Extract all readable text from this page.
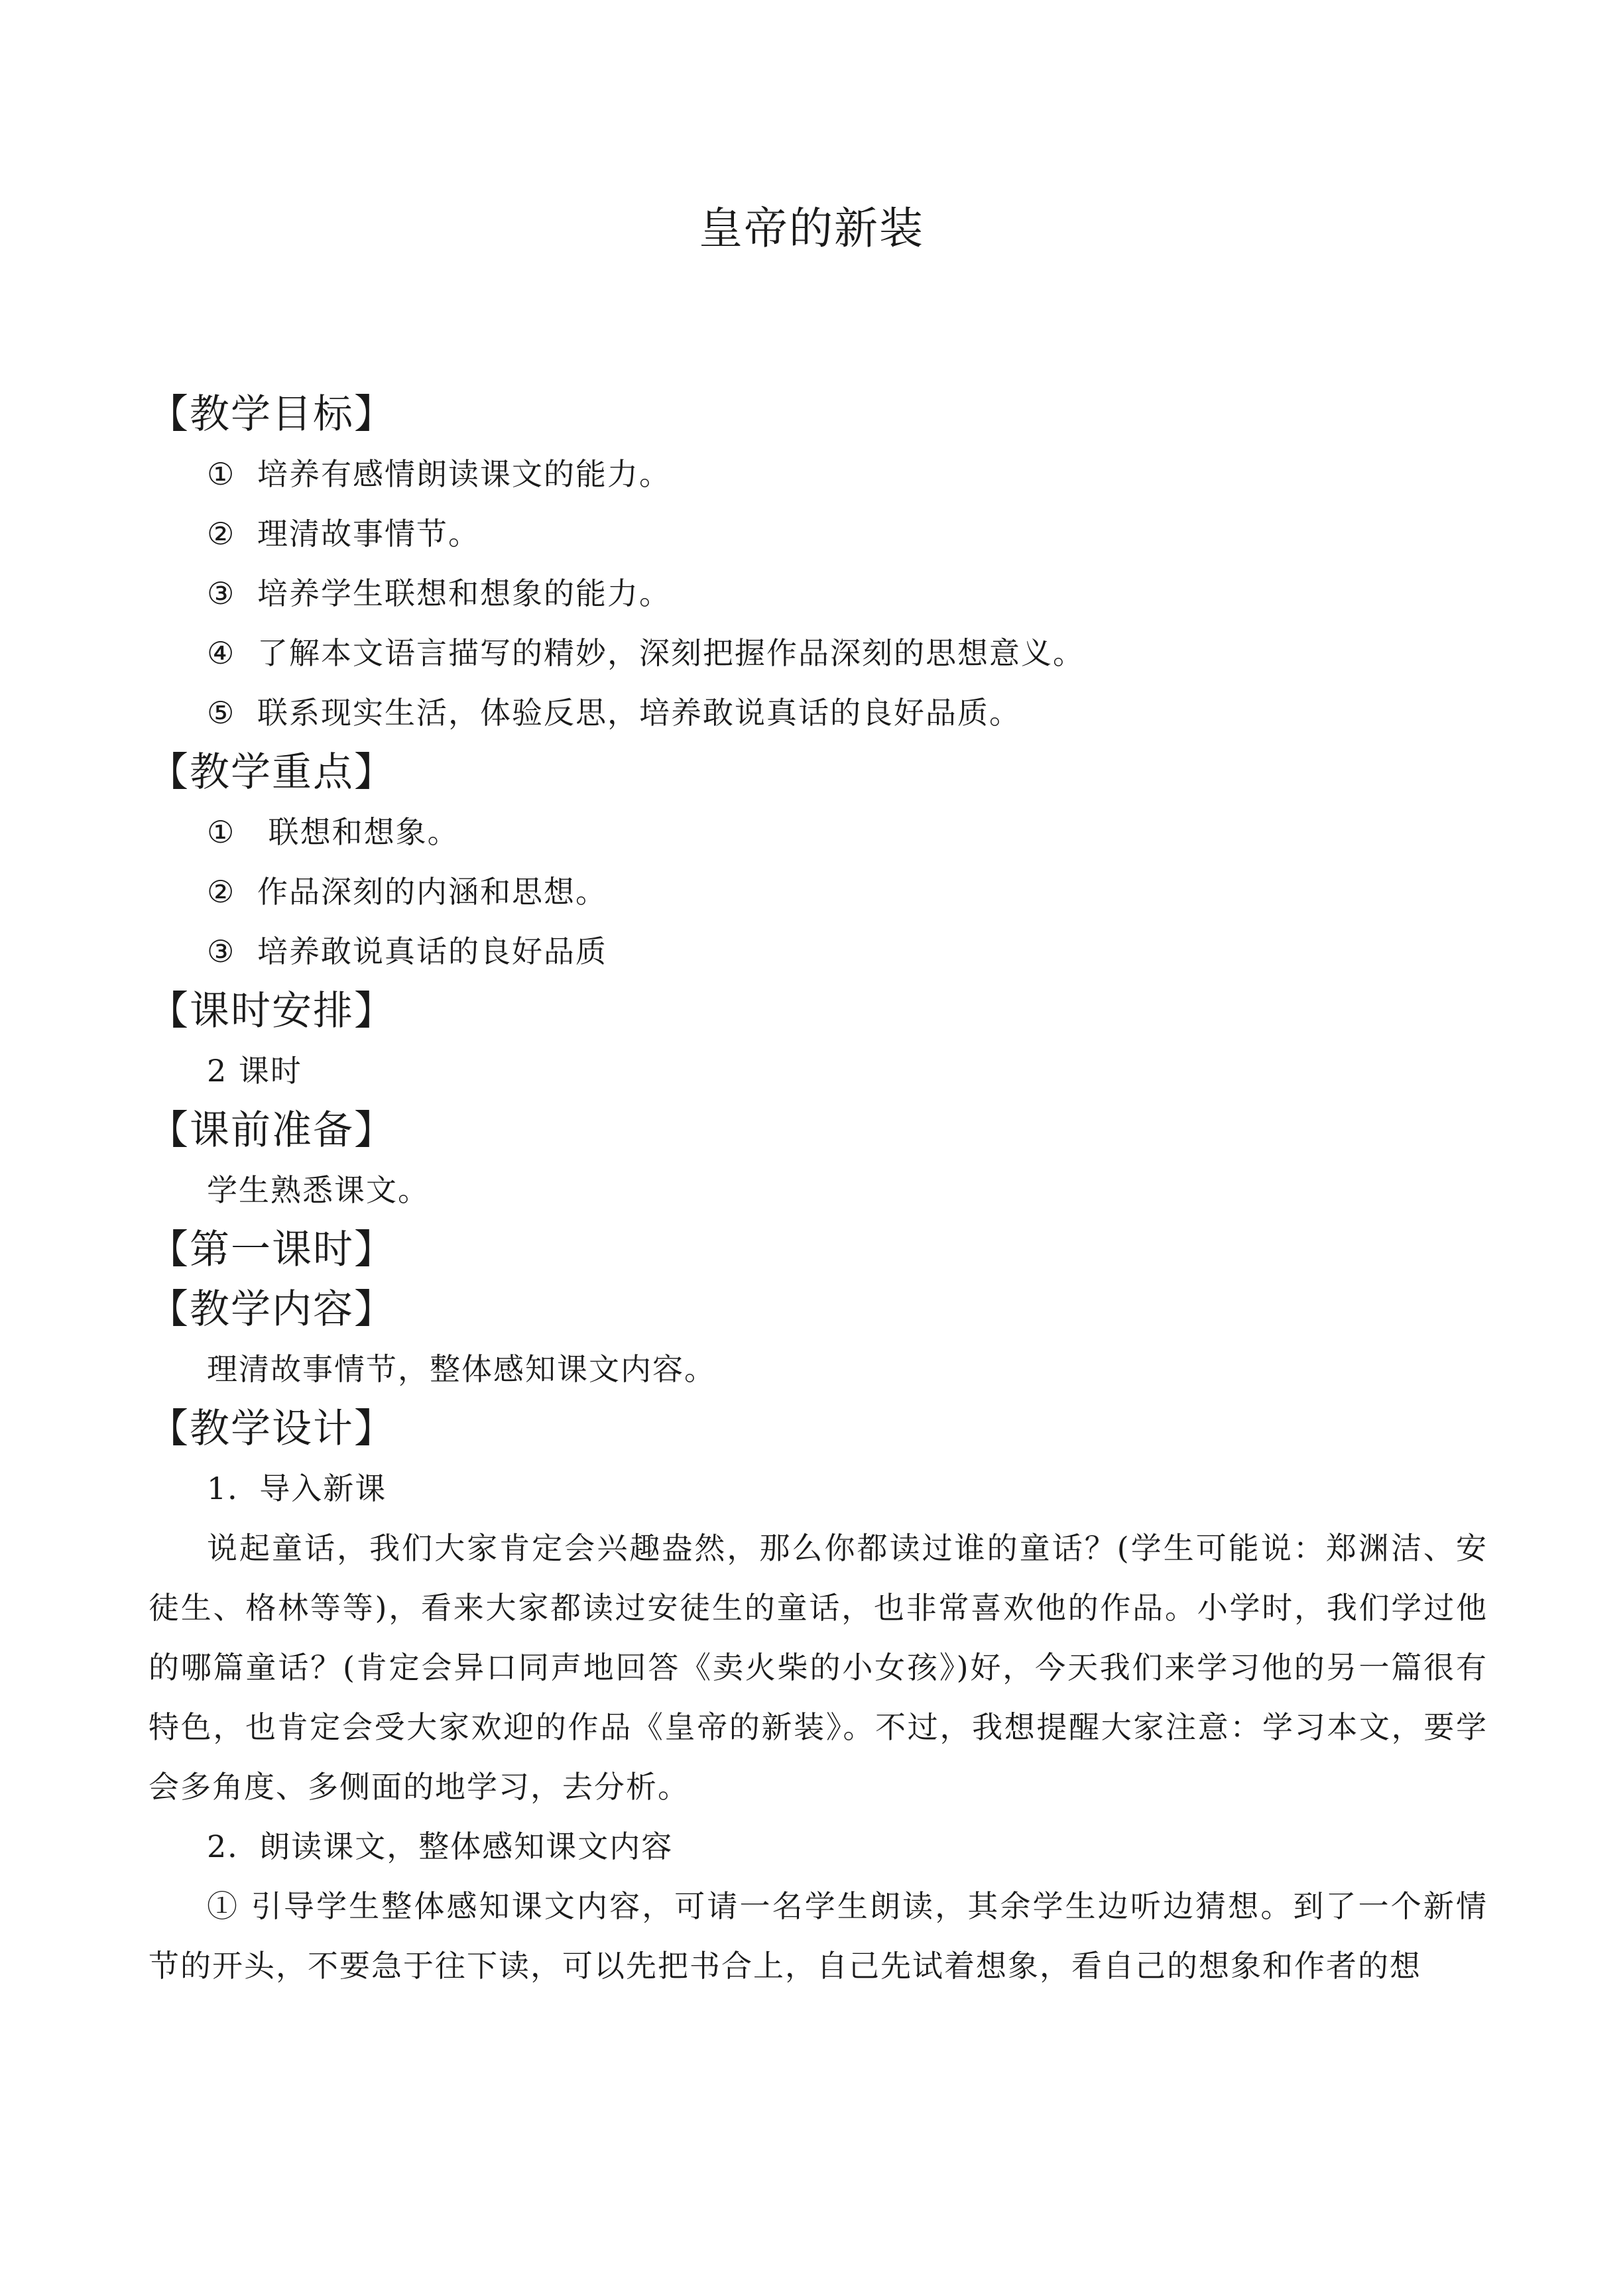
皇帝的新装
【教学目标】
① 培养有感情朗读课文的能力。
② 理清故事情节。
③ 培养学生联想和想象的能力。
④ 了解本文语言描写的精妙，深刻把握作品深刻的思想意义。
⑤ 联系现实生活，体验反思，培养敢说真话的良好品质。
【教学重点】
① 联想和想象。
② 作品深刻的内涵和思想。
③ 培养敢说真话的良好品质
【课时安排】
2 课时
【课前准备】
学生熟悉课文。
【第一课时】
【教学内容】
理清故事情节，整体感知课文内容。
【教学设计】
1．导入新课

说起童话，我们大家肯定会兴趣盎然，那么你都读过谁的童话？(学生可能说：郑渊洁、安徒生、格林等等)，看来大家都读过安徒生的童话，也非常喜欢他的作品。小学时，我们学过他的哪篇童话？(肯定会异口同声地回答《卖火柴的小女孩》)好，今天我们来学习他的另一篇很有特色，也肯定会受大家欢迎的作品《皇帝的新装》。不过，我想提醒大家注意：学习本文，要学会多角度、多侧面的地学习，去分析。

2．朗读课文，整体感知课文内容

① 引导学生整体感知课文内容，可请一名学生朗读，其余学生边听边猜想。到了一个新情节的开头，不要急于往下读，可以先把书合上，自己先试着想象，看自己的想象和作者的想
